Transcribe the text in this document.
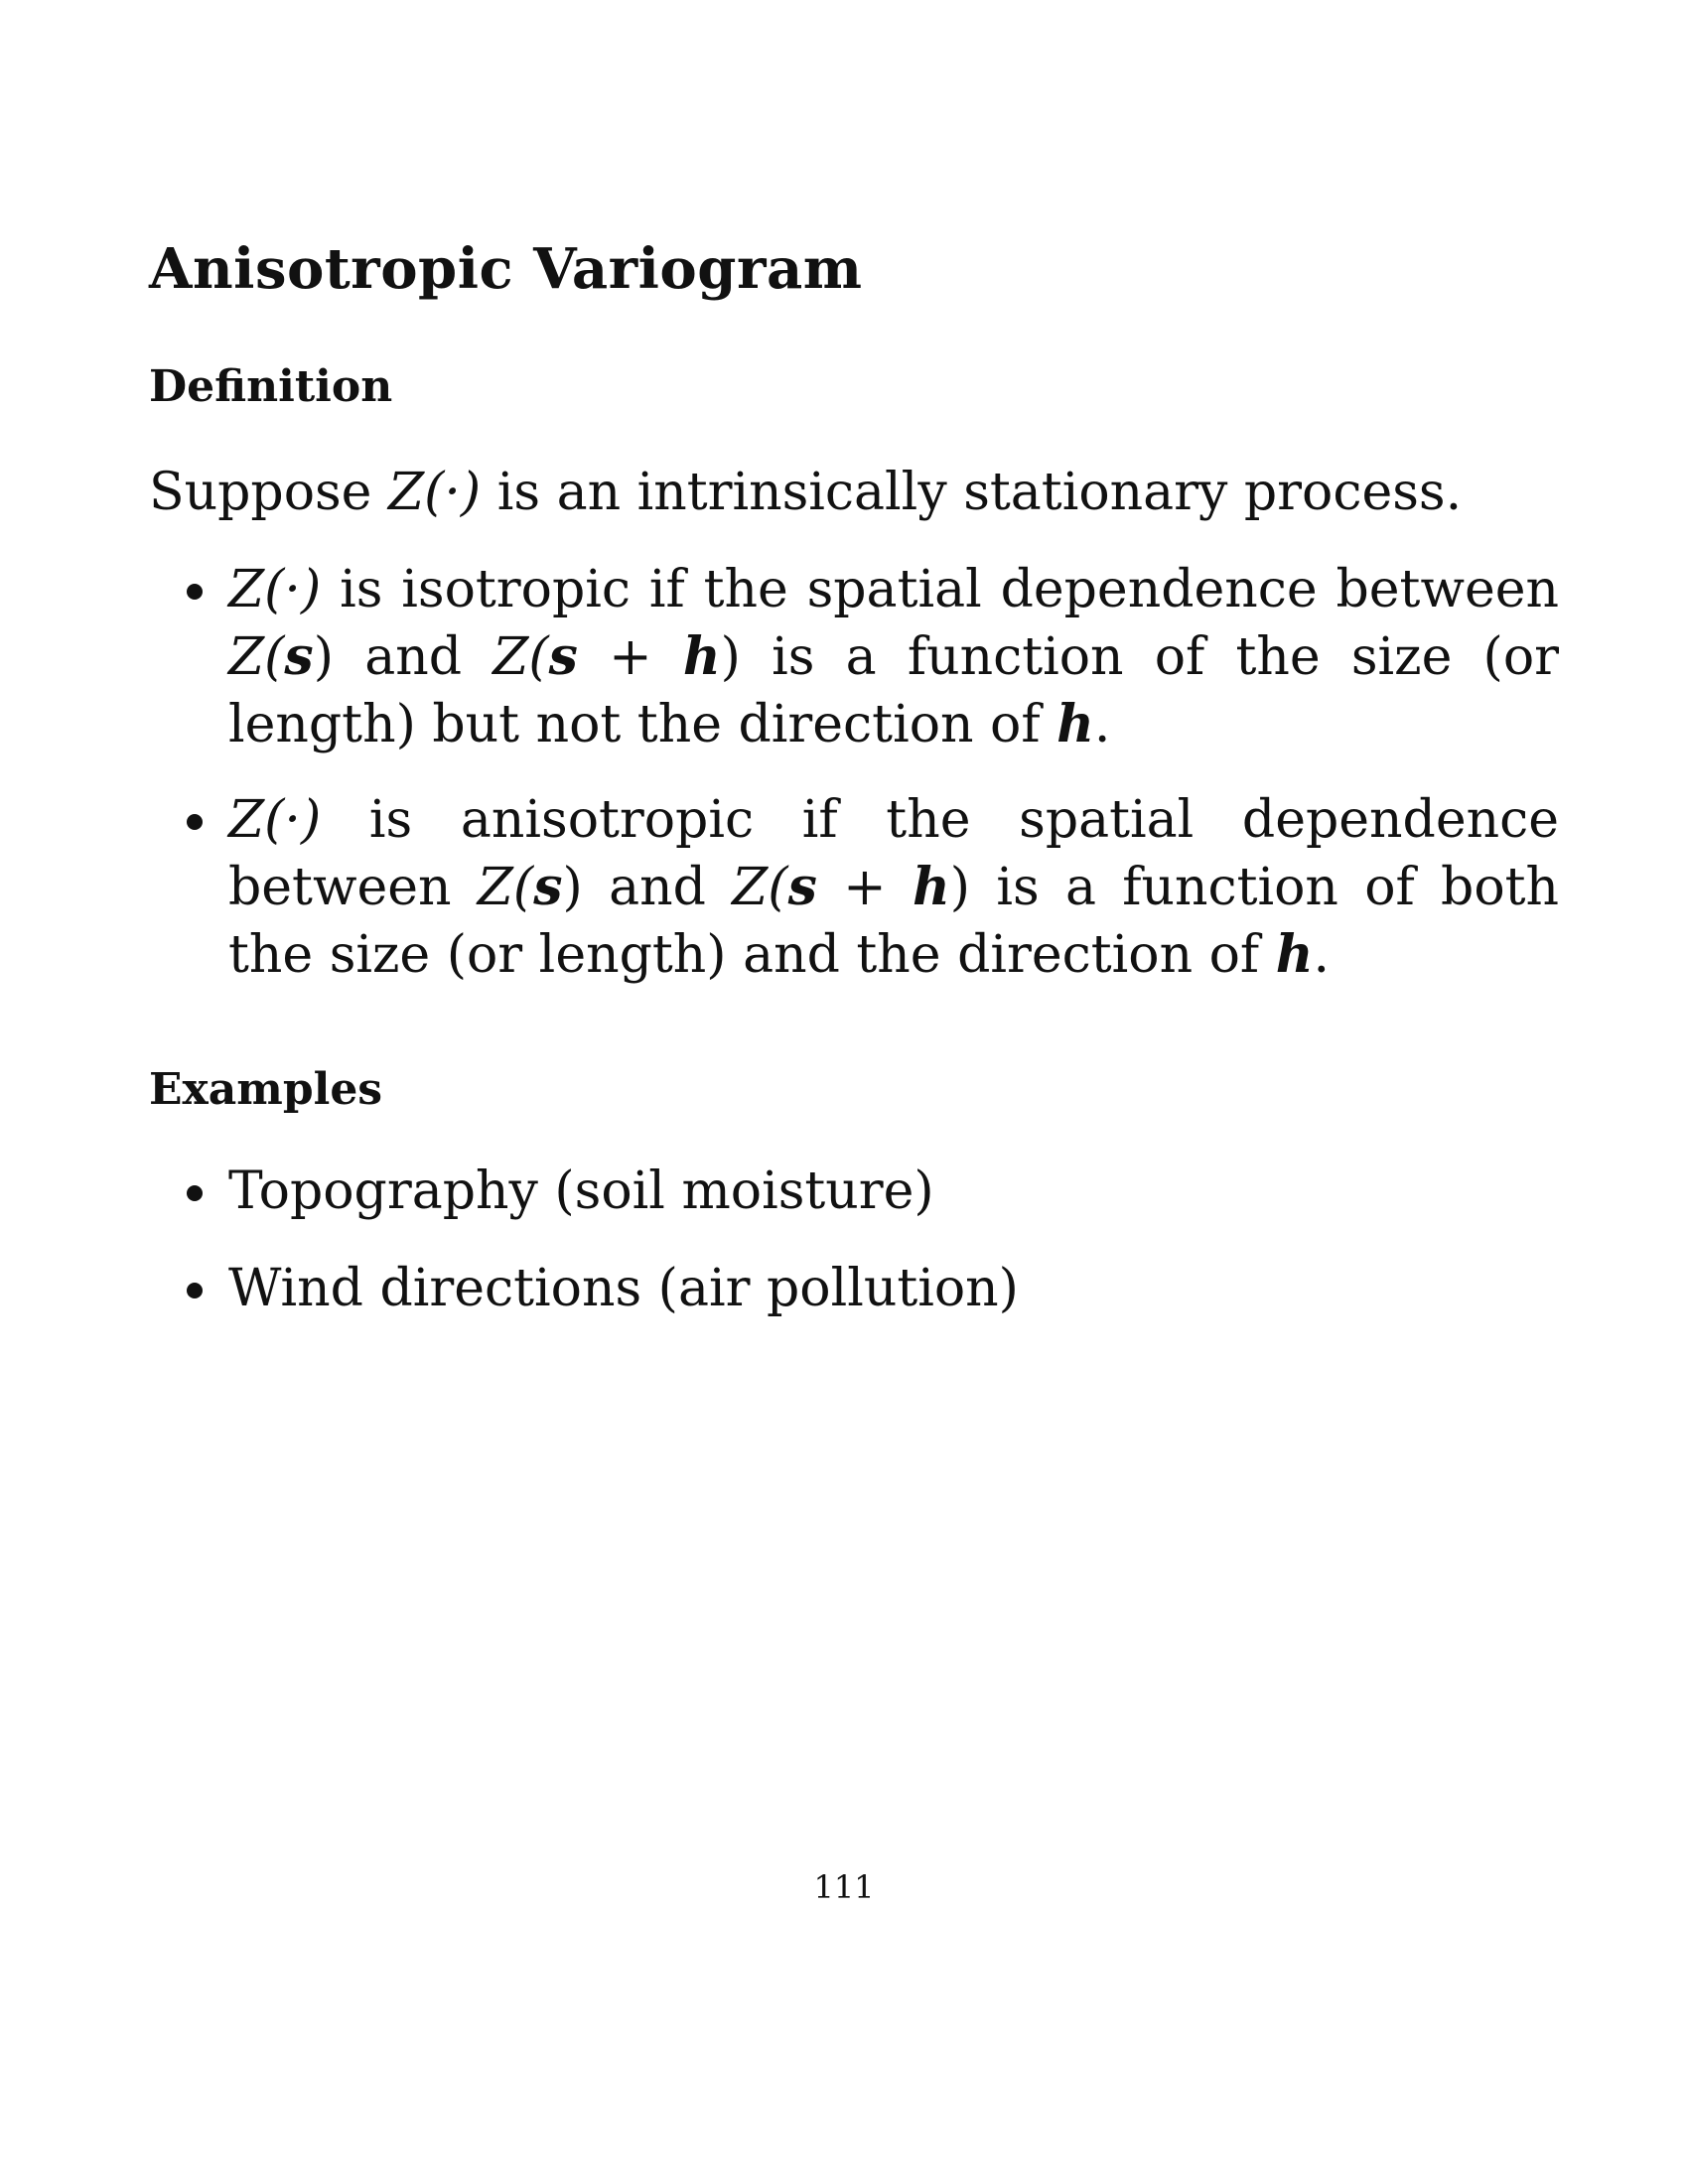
Anisotropic Variogram
Definition

Suppose Z(·) is an intrinsically stationary process.

Z(·) is isotropic if the spatial dependence between Z(s) and Z(s + h) is a function of the size (or length) but not the direction of h.
Z(·) is anisotropic if the spatial dependence between Z(s) and Z(s + h) is a function of both the size (or length) and the direction of h.
Examples
Topography (soil moisture)
Wind directions (air pollution)
111
